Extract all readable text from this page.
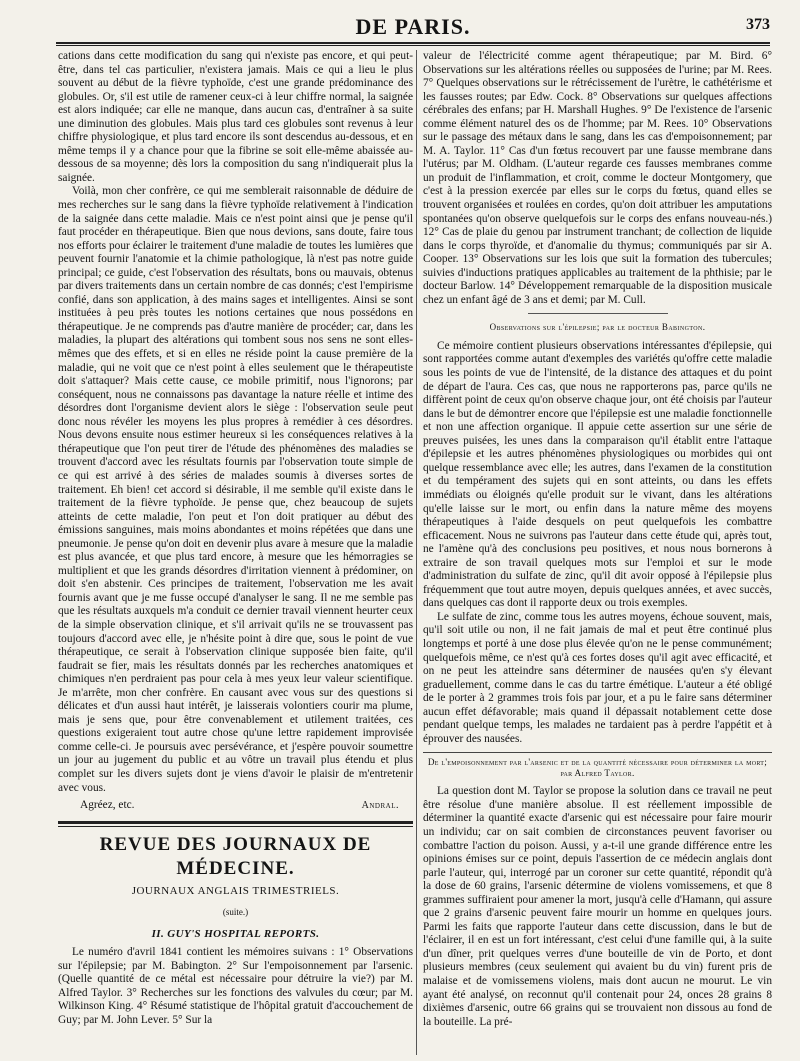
DE PARIS.	373

cations dans cette modification du sang qui n'existe pas encore, et qui peut-être, dans tel cas particulier, n'existera jamais. Mais ce qui a lieu le plus souvent au début de la fièvre typhoïde, c'est une grande prédominance des globules. Or, s'il est utile de ramener ceux-ci à leur chiffre normal, la saignée est alors indiquée; car elle ne manque, dans aucun cas, d'entraîner à sa suite une diminution des globules. Mais plus tard ces globules sont revenus à leur chiffre physiologique, et plus tard encore ils sont descendus au-dessous, et en même temps il y a chance pour que la fibrine se soit elle-même abaissée au-dessous de sa moyenne; dès lors la composition du sang n'indiquerait plus la saignée.

Voilà, mon cher confrère, ce qui me semblerait raisonnable de déduire de mes recherches sur le sang dans la fièvre typhoïde relativement à l'indication de la saignée dans cette maladie. Mais ce n'est point ainsi que je pense qu'il faut procéder en thérapeutique. Bien que nous devions, sans doute, faire tous nos efforts pour éclairer le traitement d'une maladie de toutes les lumières que peuvent fournir l'anatomie et la chimie pathologique, là n'est pas notre guide principal; ce guide, c'est l'observation des résultats, bons ou mauvais, obtenus par divers traitements dans un certain nombre de cas donnés; c'est l'empirisme confié, dans son application, à des mains sages et intelligentes. Ainsi se sont instituées à peu près toutes les notions certaines que nous possédons en thérapeutique. Je ne comprends pas d'autre manière de procéder; car, dans les maladies, la plupart des altérations qui tombent sous nos sens ne sont elles-mêmes que des effets, et si en elles ne réside point la cause première de la maladie, qui ne voit que ce n'est point à elles seulement que le thérapeutiste doit s'attaquer? Mais cette cause, ce mobile primitif, nous l'ignorons; par conséquent, nous ne connaissons pas davantage la nature réelle et intime des désordres dont l'organisme devient alors le siège : l'observation seule peut donc nous révéler les moyens les plus propres à remédier à ces désordres. Nous devons ensuite nous estimer heureux si les conséquences relatives à la thérapeutique que l'on peut tirer de l'étude des phénomènes des maladies se trouvent d'accord avec les résultats fournis par l'observation toute simple de ce qui est arrivé à des séries de malades soumis à diverses sortes de traitement. Eh bien! cet accord si désirable, il me semble qu'il existe dans le traitement de la fièvre typhoïde. Je pense que, chez beaucoup de sujets atteints de cette maladie, l'on peut et l'on doit pratiquer au début des émissions sanguines, mais moins abondantes et moins répétées que dans une pneumonie. Je pense qu'on doit en devenir plus avare à mesure que la maladie est plus avancée, et que plus tard encore, à mesure que les hémorragies se multiplient et que les grands désordres d'irritation viennent à prédominer, on doit s'en abstenir. Ces principes de traitement, l'observation me les avait fournis avant que je me fusse occupé d'analyser le sang. Il ne me semble pas que les résultats auxquels m'a conduit ce dernier travail viennent heurter ceux de la simple observation clinique, et s'il arrivait qu'ils ne se trouvassent pas toujours d'accord avec elle, je n'hésite point à dire que, sous le point de vue thérapeutique, ce serait à l'observation clinique supposée bien faite, qu'il faudrait se fier, mais les résultats donnés par les recherches anatomiques et chimiques n'en perdraient pas pour cela à mes yeux leur valeur scientifique. Je m'arrête, mon cher confrère. En causant avec vous sur des questions si délicates et d'un aussi haut intérêt, je laisserais volontiers courir ma plume, mais je sens que, pour être convenablement et utilement traitées, ces questions exigeraient tout autre chose qu'une lettre rapidement improvisée comme celle-ci. Je poursuis avec persévérance, et j'espère pouvoir soumettre un jour au jugement du public et au vôtre un travail plus étendu et plus complet sur les divers sujets dont je viens d'avoir le plaisir de m'entretenir avec vous.

Agréez, etc.	Andral.
REVUE DES JOURNAUX DE MÉDECINE.
JOURNAUX ANGLAIS TRIMESTRIELS.
(suite.)
II. GUY'S HOSPITAL REPORTS.

Le numéro d'avril 1841 contient les mémoires suivans : 1° Observations sur l'épilepsie; par M. Babington. 2° Sur l'empoisonnement par l'arsenic. (Quelle quantité de ce métal est nécessaire pour détruire la vie?) par M. Alfred Taylor. 3° Recherches sur les fonctions des valvules du cœur; par M. Wilkinson King. 4° Résumé statistique de l'hôpital gratuit d'accouchement de Guy; par M. John Lever. 5° Sur la

valeur de l'électricité comme agent thérapeutique; par M. Bird. 6° Observations sur les altérations réelles ou supposées de l'urine; par M. Rees. 7° Quelques observations sur le rétrécissement de l'urètre, le cathétérisme et les fausses routes; par Edw. Cock. 8° Observations sur quelques affections cérébrales des enfans; par H. Marshall Hughes. 9° De l'existence de l'arsenic comme élément naturel des os de l'homme; par M. Rees. 10° Observations sur le passage des métaux dans le sang, dans les cas d'empoisonnement; par M. A. Taylor. 11° Cas d'un fœtus recouvert par une fausse membrane dans l'utérus; par M. Oldham. (L'auteur regarde ces fausses membranes comme un produit de l'inflammation, et croit, comme le docteur Montgomery, que c'est à la pression exercée par elles sur le corps du fœtus, quand elles se trouvent organisées et roulées en cordes, qu'on doit attribuer les amputations spontanées qu'on observe quelquefois sur le corps des enfans nouveau-nés.) 12° Cas de plaie du genou par instrument tranchant; de collection de liquide dans le corps thyroïde, et d'anomalie du thymus; communiqués par sir A. Cooper. 13° Observations sur les lois que suit la formation des tubercules; suivies d'inductions pratiques applicables au traitement de la phthisie; par le docteur Barlow. 14° Développement remarquable de la disposition musicale chez un enfant âgé de 3 ans et demi; par M. Cull.

Observations sur l'épilepsie; par le docteur Babington.

Ce mémoire contient plusieurs observations intéressantes d'épilepsie, qui sont rapportées comme autant d'exemples des variétés qu'offre cette maladie sous les points de vue de l'intensité, de la distance des attaques et du point de départ de l'aura. Ces cas, que nous ne rapporterons pas, parce qu'ils ne diffèrent point de ceux qu'on observe chaque jour, ont été choisis par l'auteur dans le but de démontrer encore que l'épilepsie est une maladie fonctionnelle et non une affection organique. Il appuie cette assertion sur une série de preuves puisées, les unes dans la comparaison qu'il établit entre l'attaque d'épilepsie et les autres phénomènes physiologiques ou morbides qui ont quelque ressemblance avec elle; les autres, dans l'examen de la constitution et du tempérament des sujets qui en sont atteints, ou dans les effets immédiats ou éloignés qu'elle produit sur le vivant, dans les altérations qu'elle laisse sur le mort, ou enfin dans la nature même des moyens thérapeutiques à l'aide desquels on peut quelquefois les combattre efficacement. Nous ne suivrons pas l'auteur dans cette étude qui, après tout, ne l'amène qu'à des conclusions peu positives, et nous nous bornerons à extraire de son travail quelques mots sur l'emploi et sur le mode d'administration du sulfate de zinc, qu'il dit avoir opposé à l'épilepsie plus fréquemment que tout autre moyen, depuis quelques années, et avec succès, dans quelques cas dont il rapporte deux ou trois exemples.

Le sulfate de zinc, comme tous les autres moyens, échoue souvent, mais, qu'il soit utile ou non, il ne fait jamais de mal et peut être continué plus longtemps et porté à une dose plus élevée qu'on ne le pense communément; quelquefois même, ce n'est qu'à ces fortes doses qu'il agit avec efficacité, et on ne peut les atteindre sans déterminer de nausées qu'en s'y élevant graduellement, comme dans le cas du tartre émétique. L'auteur a été obligé de le porter à 2 grammes trois fois par jour, et a pu le faire sans déterminer aucun effet défavorable; mais quand il dépassait notablement cette dose pendant quelque temps, les malades ne tardaient pas à perdre l'appétit et à éprouver des nausées.

De l'empoisonnement par l'arsenic et de la quantité nécessaire pour déterminer la mort; par Alfred Taylor.

La question dont M. Taylor se propose la solution dans ce travail ne peut être résolue d'une manière absolue. Il est réellement impossible de déterminer la quantité exacte d'arsenic qui est nécessaire pour faire mourir un individu; car on sait combien de circonstances peuvent favoriser ou combattre l'action du poison. Aussi, y a-t-il une grande différence entre les opinions émises sur ce point, depuis l'assertion de ce médecin anglais dont parle l'auteur, qui, interrogé par un coroner sur cette quantité, répondit qu'à la dose de 60 grains, l'arsenic détermine de violens vomissemens, et que 8 grammes suffiraient pour amener la mort, jusqu'à celle d'Hamann, qui assure que 2 grains d'arsenic peuvent faire mourir un homme en quelques jours. Parmi les faits que rapporte l'auteur dans cette discussion, dans le but de l'éclairer, il en est un fort intéressant, c'est celui d'une famille qui, à la suite d'un dîner, prit quelques verres d'une bouteille de vin de Porto, et dont plusieurs membres (ceux seulement qui avaient bu du vin) furent pris de malaise et de vomissemens violens, mais dont aucun ne mourut. Le vin ayant été analysé, on reconnut qu'il contenait pour 24, onces 28 grains 8 dixièmes d'arsenic, outre 66 grains qui se trouvaient non dissous au fond de la bouteille. La pré-
